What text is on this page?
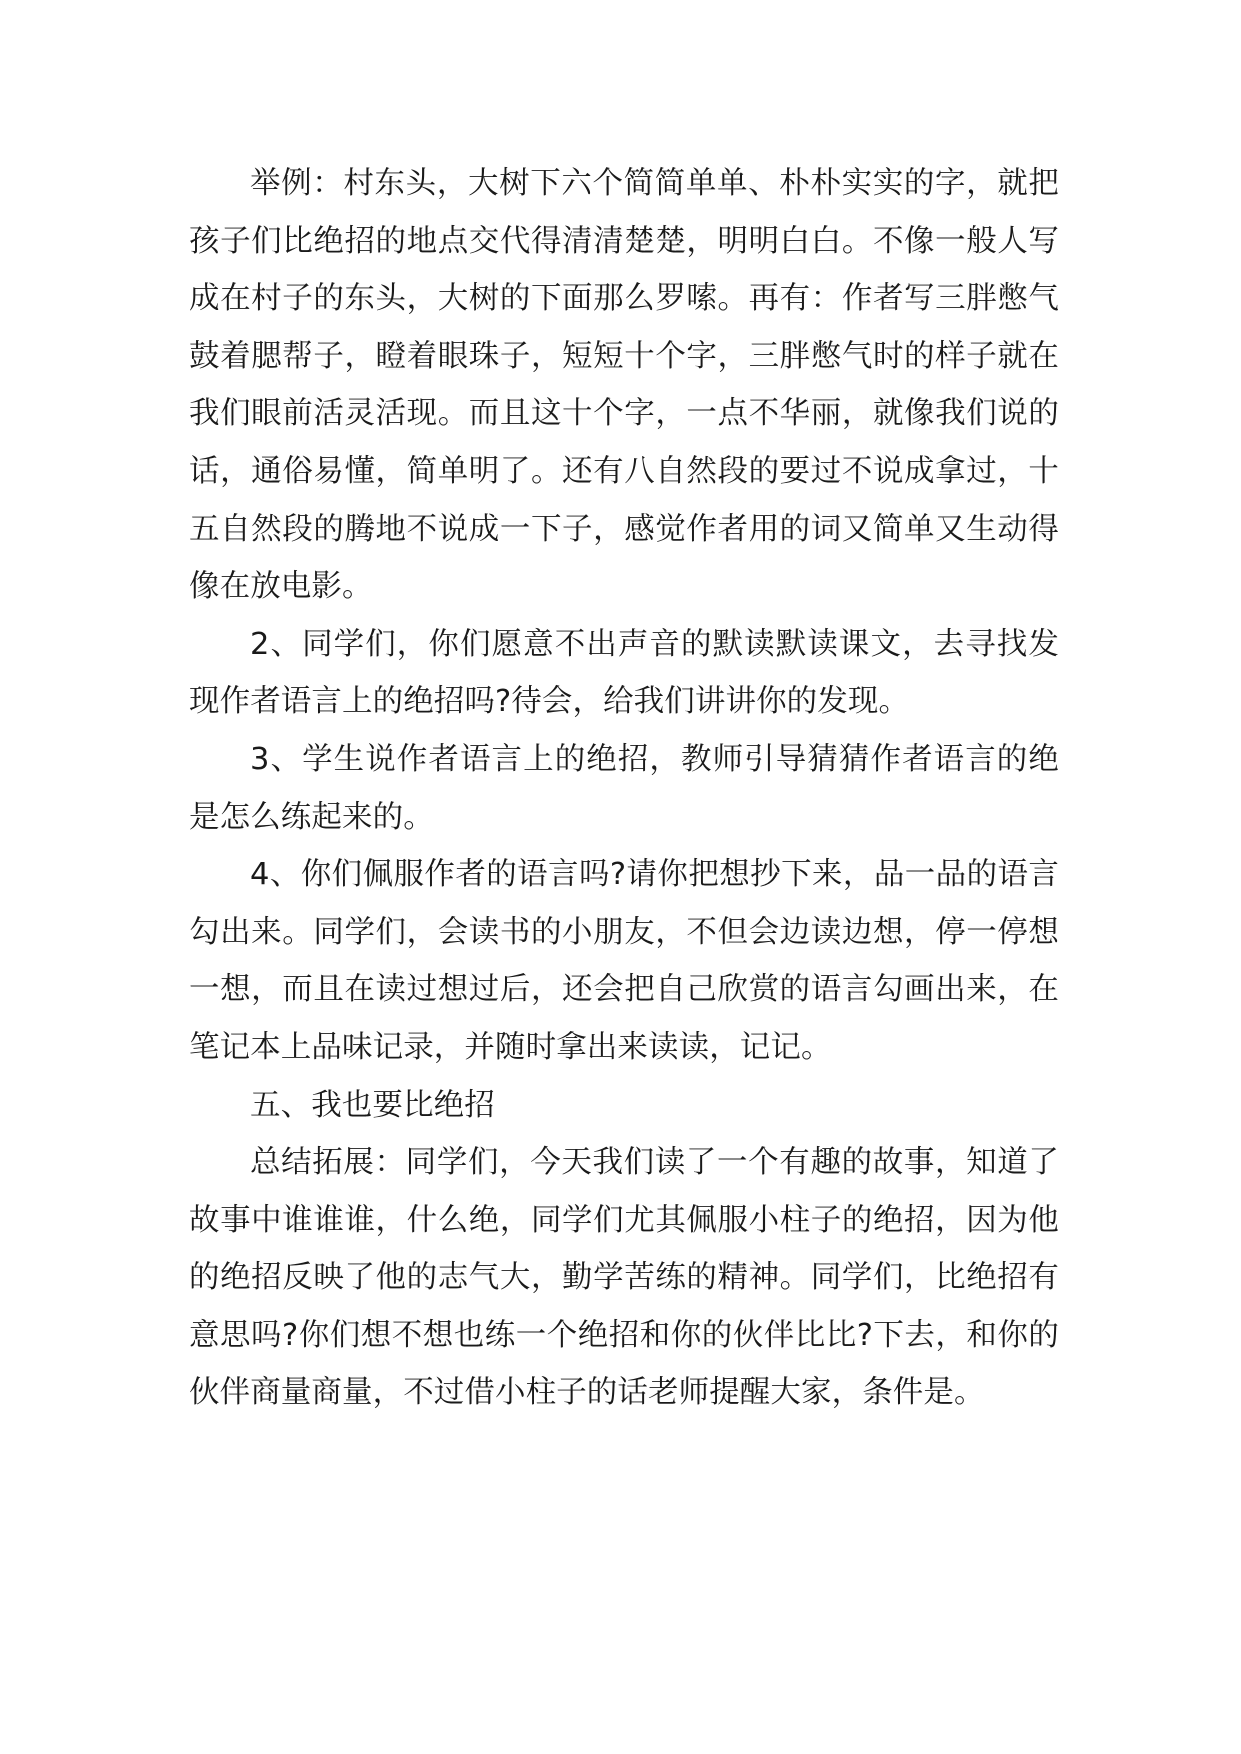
举例：村东头，大树下六个简简单单、朴朴实实的字，就把孩子们比绝招的地点交代得清清楚楚，明明白白。不像一般人写成在村子的东头，大树的下面那么罗嗦。再有：作者写三胖憋气鼓着腮帮子，瞪着眼珠子，短短十个字，三胖憋气时的样子就在我们眼前活灵活现。而且这十个字，一点不华丽，就像我们说的话，通俗易懂，简单明了。还有八自然段的要过不说成拿过，十五自然段的腾地不说成一下子，感觉作者用的词又简单又生动得像在放电影。

2、同学们，你们愿意不出声音的默读默读课文，去寻找发现作者语言上的绝招吗?待会，给我们讲讲你的发现。

3、学生说作者语言上的绝招，教师引导猜猜作者语言的绝是怎么练起来的。

4、你们佩服作者的语言吗?请你把想抄下来，品一品的语言勾出来。同学们，会读书的小朋友，不但会边读边想，停一停想一想，而且在读过想过后，还会把自己欣赏的语言勾画出来，在笔记本上品味记录，并随时拿出来读读，记记。

五、我也要比绝招

总结拓展：同学们，今天我们读了一个有趣的故事，知道了故事中谁谁谁，什么绝，同学们尤其佩服小柱子的绝招，因为他的绝招反映了他的志气大，勤学苦练的精神。同学们，比绝招有意思吗?你们想不想也练一个绝招和你的伙伴比比?下去，和你的伙伴商量商量，不过借小柱子的话老师提醒大家，条件是。
